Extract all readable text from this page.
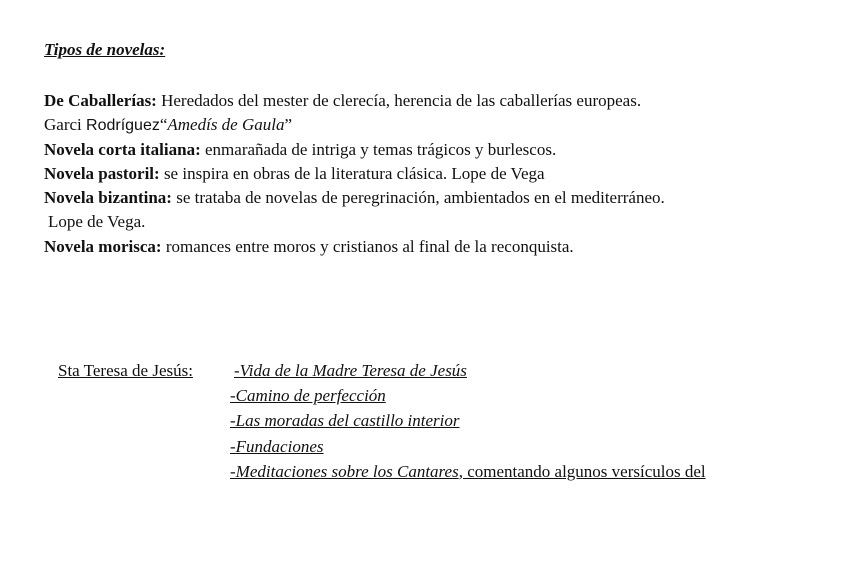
Tipos de novelas:
De Caballerías: Heredados del mester de clerecía, herencia de las caballerías europeas.
Garci Rodríguez“Amedís de Gaula”
Novela corta italiana: enmarañada de intriga y temas trágicos y burlescos.
Novela pastoril: se inspira en obras de la literatura clásica. Lope de Vega
Novela bizantina: se trataba de novelas de peregrinación, ambientados en el mediterráneo.
Lope de Vega.
Novela morisca: romances entre moros y cristianos al final de la reconquista.
Sta Teresa de Jesús: -Vida de la Madre Teresa de Jesús
-Camino de perfección
-Las moradas del castillo interior
-Fundaciones
-Meditaciones sobre los Cantares, comentando algunos versículos del
